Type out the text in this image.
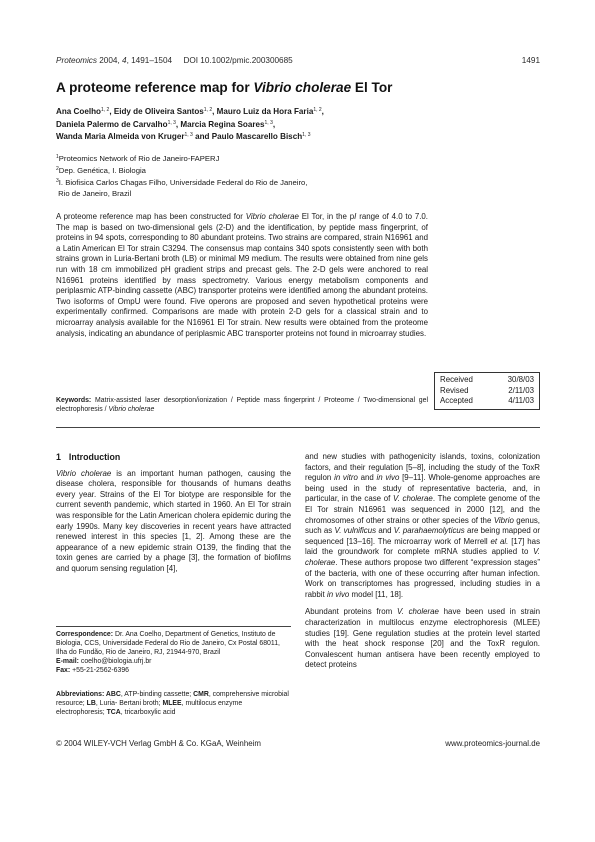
Proteomics 2004, 4, 1491–1504 DOI 10.1002/pmic.200300685	1491
A proteome reference map for Vibrio cholerae El Tor
Ana Coelho$^{1, 2}$, Eidy de Oliveira Santos$^{1, 2}$, Mauro Luiz da Hora Faria$^{1, 2}$,
Daniela Palermo de Carvalho$^{1, 3}$, Marcia Regina Soares$^{1, 3}$,
Wanda Maria Almeida von Kruger$^{1, 3}$ and Paulo Mascarello Bisch$^{1, 3}$
$^1$Proteomics Network of Rio de Janeiro-FAPERJ
$^2$Dep. Genética, I. Biologia
$^3$I. Biofisica Carlos Chagas Filho, Universidade Federal do Rio de Janeiro,
Rio de Janeiro, Brazil

A proteome reference map has been constructed for Vibrio cholerae El Tor, in the pI range of 4.0 to 7.0. The map is based on two-dimensional gels (2-D) and the identification, by peptide mass fingerprint, of proteins in 94 spots, corresponding to 80 abundant proteins. Two strains are compared, strain N16961 and a Latin American El Tor strain C3294. The consensus map contains 340 spots consistently seen with both strains grown in Luria-Bertani broth (LB) or minimal M9 medium. The results were obtained from nine gels run with 18 cm immobilized pH gradient strips and precast gels. The 2-D gels were anchored to real N16961 proteins identified by mass spectrometry. Various energy metabolism components and periplasmic ATP-binding cassette (ABC) transporter proteins were identified among the abundant proteins. Two isoforms of OmpU were found. Five operons are proposed and seven hypothetical proteins were experimentally confirmed. Comparisons are made with protein 2-D gels for a classical strain and to microarray analysis available for the N16961 El Tor strain. New results were obtained from the proteome analysis, indicating an abundance of periplasmic ABC transporter proteins not found in microarray studies.

Received	30/8/03
Revised	2/11/03
Accepted	4/11/03

Keywords: Matrix-assisted laser desorption/ionization / Peptide mass fingerprint / Proteome / Two-dimensional gel electrophoresis / Vibrio cholerae

1 Introduction

Vibrio cholerae is an important human pathogen, causing the disease cholera, responsible for thousands of humans deaths every year. Strains of the El Tor biotype are responsible for the current seventh pandemic, which started in 1960. An El Tor strain was responsible for the Latin American cholera epidemic during the early 1990s. Many key discoveries in recent years have attracted renewed interest in this species [1, 2]. Among these are the appearance of a new epidemic strain O139, the finding that the toxin genes are carried by a phage [3], the formation of biofilms and quorum sensing regulation [4],

and new studies with pathogenicity islands, toxins, colonization factors, and their regulation [5–8], including the study of the ToxR regulon in vitro and in vivo [9–11]. Whole-genome approaches are being used in the study of representative bacteria, and, in particular, in the case of V. cholerae. The complete genome of the El Tor strain N16961 was sequenced in 2000 [12], and the chromosomes of other strains or other species of the Vibrio genus, such as V. vulnificus and V. parahaemolyticus are being mapped or sequenced [13–16]. The microarray work of Merrell et al. [17] has laid the groundwork for complete mRNA studies applied to V. cholerae. These authors propose two different “expression stages” of the bacteria, with one of these occurring after human infection. Work on transcriptomes has progressed, including studies in a rabbit in vivo model [11, 18].

Abundant proteins from V. cholerae have been used in strain characterization in multilocus enzyme electrophoresis (MLEE) studies [19]. Gene regulation studies at the protein level started with the heat shock response [20] and the ToxR regulon. Convalescent human antisera have been recently employed to detect proteins

Correspondence: Dr. Ana Coelho, Department of Genetics, Instituto de Biologia, CCS, Universidade Federal do Rio de Janeiro, Cx Postal 68011, Ilha do Fundão, Rio de Janeiro, RJ, 21944-970, Brazil
E-mail: coelho@biologia.ufrj.br
Fax: +55-21-2562-6396

Abbreviations: ABC, ATP-binding cassette; CMR, comprehensive microbial resource; LB, Luria- Bertani broth; MLEE, multilocus enzyme electrophoresis; TCA, tricarboxylic acid

© 2004 WILEY-VCH Verlag GmbH & Co. KGaA, Weinheim	www.proteomics-journal.de
